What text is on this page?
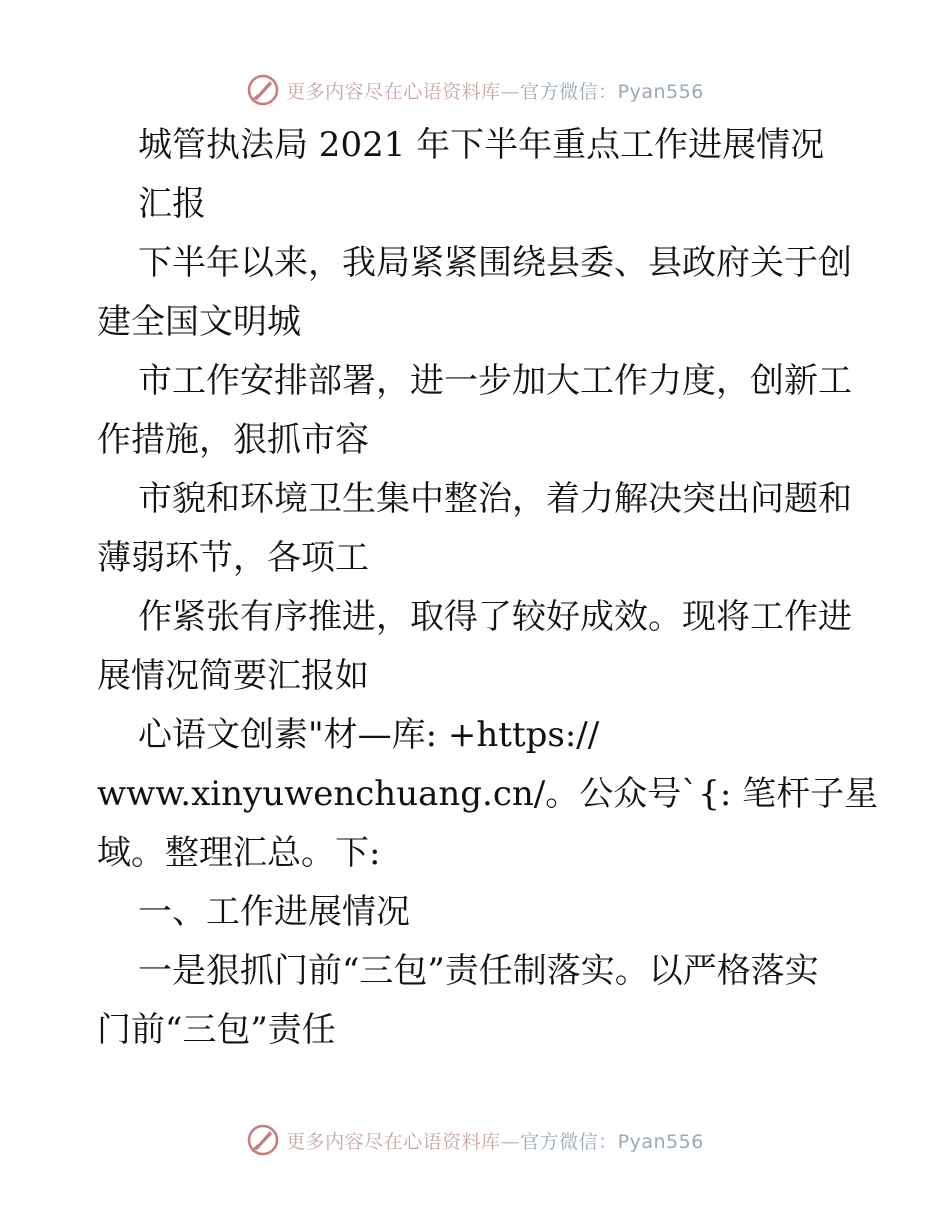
更多内容尽在心语资料库—官方微信：Pyan556
城管执法局 2021 年下半年重点工作进展情况
汇报
下半年以来，我局紧紧围绕县委、县政府关于创
建全国文明城
市工作安排部署，进一步加大工作力度，创新工
作措施，狠抓市容
市貌和环境卫生集中整治，着力解决突出问题和
薄弱环节，各项工
作紧张有序推进，取得了较好成效。现将工作进
展情况简要汇报如
心语文创素"材—库: +https://
www.xinyuwenchuang.cn/。公众号`{: 笔杆子星
域。整理汇总。下:
一、工作进展情况
一是狠抓门前“三包”责任制落实。以严格落实
门前“三包”责任
更多内容尽在心语资料库—官方微信：Pyan556
